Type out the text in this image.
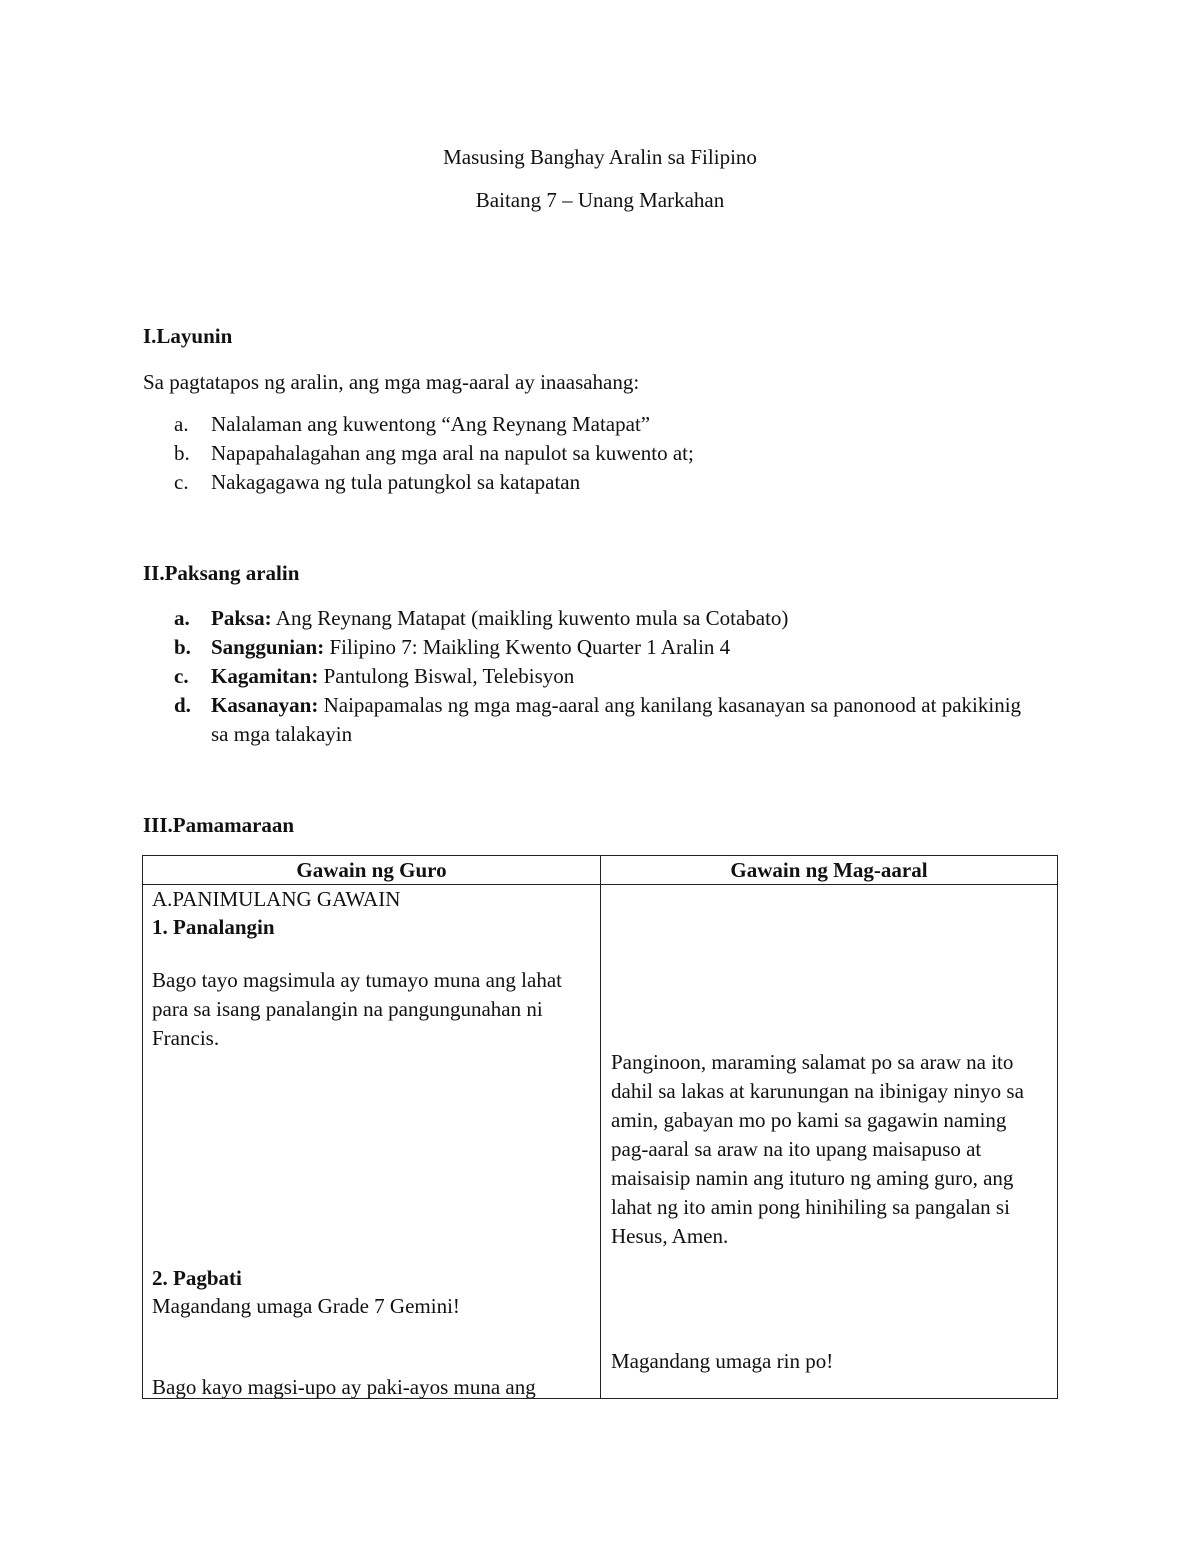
Masusing Banghay Aralin sa Filipino
Baitang 7 – Unang Markahan
I.Layunin
Sa pagtatapos ng aralin, ang mga mag-aaral ay inaasahang:
a. Nalalaman ang kuwentong “Ang Reynang Matapat”
b. Napapahalagahan ang mga aral na napulot sa kuwento at;
c. Nakagagawa ng tula patungkol sa katapatan
II.Paksang aralin
a. Paksa: Ang Reynang Matapat (maikling kuwento mula sa Cotabato)
b. Sanggunian: Filipino 7: Maikling Kwento Quarter 1 Aralin 4
c. Kagamitan: Pantulong Biswal, Telebisyon
d. Kasanayan: Naipapamalas ng mga mag-aaral ang kanilang kasanayan sa panonood at pakikinig sa mga talakayin
III.Pamamaraan
Gawain ng Guro	Gawain ng Mag-aaral
A.PANIMULANG GAWAIN
1. Panalangin
Bago tayo magsimula ay tumayo muna ang lahat para sa isang panalangin na pangungunahan ni Francis.
Panginoon, maraming salamat po sa araw na ito dahil sa lakas at karunungan na ibinigay ninyo sa amin, gabayan mo po kami sa gagawin naming pag-aaral sa araw na ito upang maisapuso at maisaisip namin ang ituturo ng aming guro, ang lahat ng ito amin pong hinihiling sa pangalan si Hesus, Amen.
2. Pagbati
Magandang umaga Grade 7 Gemini!
Magandang umaga rin po!
Bago kayo magsi-upo ay paki-ayos muna ang
